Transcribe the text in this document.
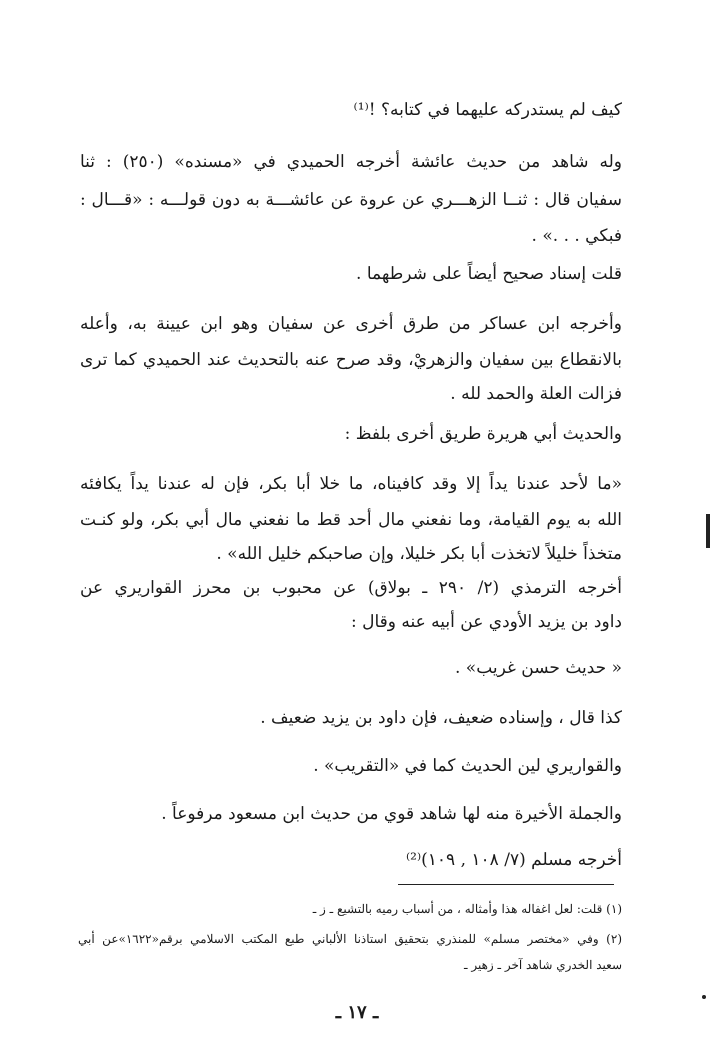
كيف لم يستدركه عليهما في كتابه؟ !⁽¹⁾
وله شاهد من حديث عائشة أخرجه الحميدي في «مسنده» (٢٥٠) : ثنا
سفيان قال : ثنــا الزهـــري عن عروة عن عائشـــة به دون قولـــه : «قـــال :
فبكي . . .» .
قلت إسناد صحيح أيضاً على شرطهما .
وأخرجه ابن عساكر من طرق أخرى عن سفيان وهو ابن عيينة به، وأعله
بالانقطاع بين سفيان والزهريْ، وقد صرح عنه بالتحديث عند الحميدي كما ترى
فزالت العلة والحمد لله .
والحديث أبي هريرة طريق أخرى بلفظ :
«ما لأحد عندنا يداً إلا وقد كافيناه، ما خلا أبا بكر، فإن له عندنا يداً يكافئه
الله به يوم القيامة، وما نفعني مال أحد قط ما نفعني مال أبي بكر، ولو كنـت
متخذاً خليلاً لاتخذت أبا بكر خليلا، وإن صاحبكم خليل الله» .
أخرجه الترمذي (٢/ ٢٩٠ ـ بولاق) عن محبوب بن محرز القواريري عن
داود بن يزيد الأودي عن أبيه عنه وقال :
« حديث حسن غريب» .
كذا قال ، وإسناده ضعيف، فإن داود بن يزيد ضعيف .
والقواريري لين الحديث كما في «التقريب» .
والجملة الأخيرة منه لها شاهد قوي من حديث ابن مسعود مرفوعاً .
أخرجه مسلم (٧/ ١٠٨ , ١٠٩)⁽²⁾
(١) قلت: لعل اغفاله هذا وأمثاله ، من أسباب رميه بالتشيع ـ ز ـ
(٢) وفي «مختصر مسلم» للمنذري بتحقيق استاذنا الألباني طبع المكتب الاسلامي برقم«١٦٢٢»عن أبي
سعيد الخدري شاهد آخر ـ زهير ـ
ـ ١٧ ـ
